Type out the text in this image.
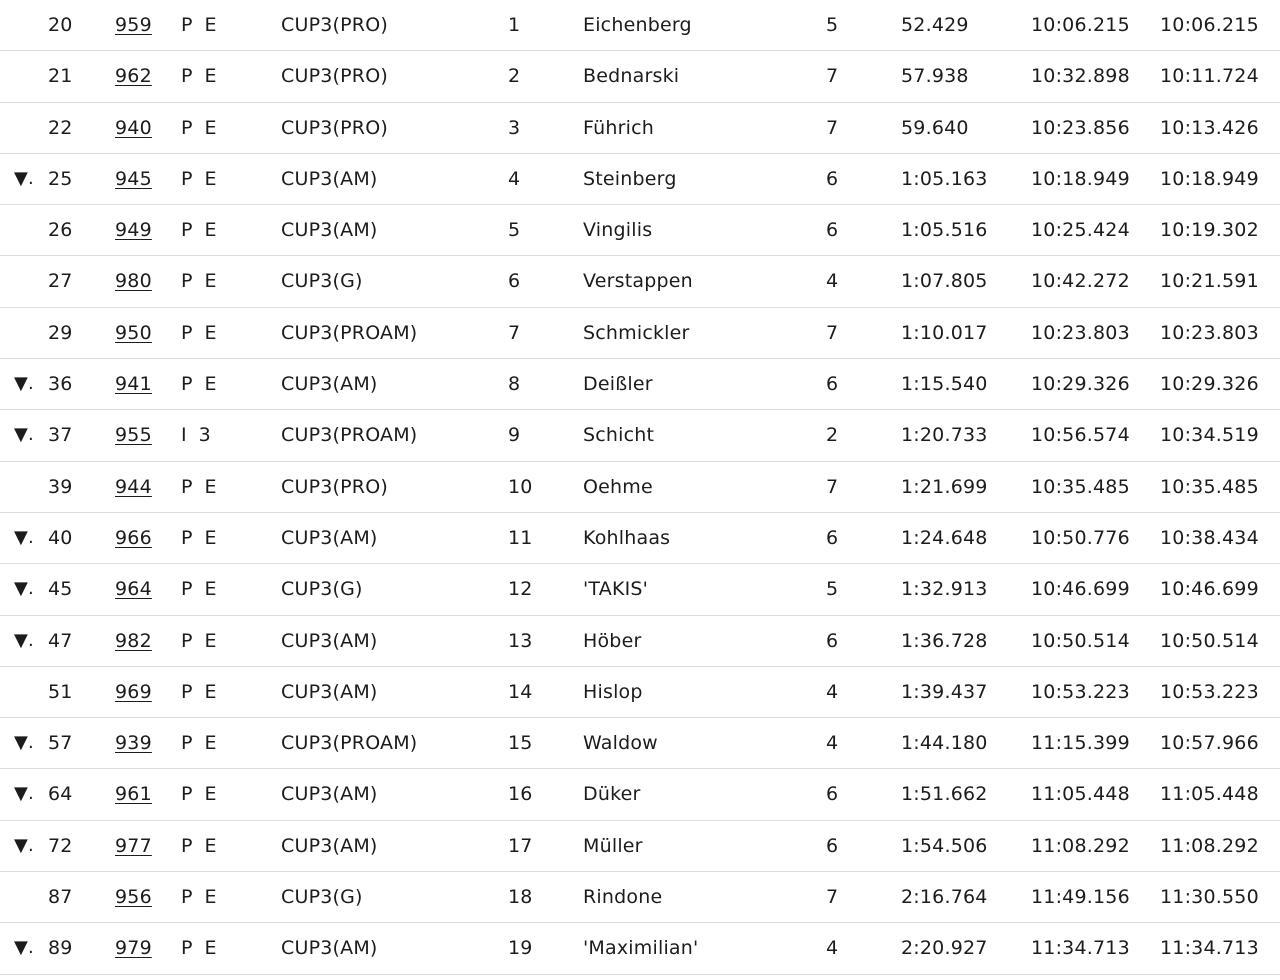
20 959 P E	CUP3(PRO)	1	Eichenberg	5	52.429	10:06.215 10:06.215
21 962 P E	CUP3(PRO)	2	Bednarski	7	57.938	10:32.898 10:11.724
22 940 P E	CUP3(PRO)	3	Führich	7	59.640	10:23.856 10:13.426
▼. 25 945 P E	CUP3(AM)	4	Steinberg	6	1:05.163 10:18.949 10:18.949
26 949 P E	CUP3(AM)	5	Vingilis	6	1:05.516 10:25.424 10:19.302
27 980 P E	CUP3(G)	6	Verstappen	4	1:07.805 10:42.272 10:21.591
29 950 P E	CUP3(PROAM)	7	Schmickler	7	1:10.017 10:23.803 10:23.803
▼. 36 941 P E	CUP3(AM)	8	Deißler	6	1:15.540 10:29.326 10:29.326
▼. 37 955 I 3	CUP3(PROAM)	9	Schicht	2	1:20.733 10:56.574 10:34.519
39 944 P E	CUP3(PRO)	10	Oehme	7	1:21.699 10:35.485 10:35.485
▼. 40 966 P E	CUP3(AM)	11	Kohlhaas	6	1:24.648 10:50.776 10:38.434
▼. 45 964 P E	CUP3(G)	12	'TAKIS'	5	1:32.913 10:46.699 10:46.699
▼. 47 982 P E	CUP3(AM)	13	Höber	6	1:36.728 10:50.514 10:50.514
51 969 P E	CUP3(AM)	14	Hislop	4	1:39.437 10:53.223 10:53.223
▼. 57 939 P E	CUP3(PROAM)	15	Waldow	4	1:44.180 11:15.399 10:57.966
▼. 64 961 P E	CUP3(AM)	16	Düker	6	1:51.662 11:05.448 11:05.448
▼. 72 977 P E	CUP3(AM)	17	Müller	6	1:54.506 11:08.292 11:08.292
87 956 P E	CUP3(G)	18	Rindone	7	2:16.764 11:49.156 11:30.550
▼. 89 979 P E	CUP3(AM)	19	'Maximilian'	4	2:20.927 11:34.713 11:34.713
